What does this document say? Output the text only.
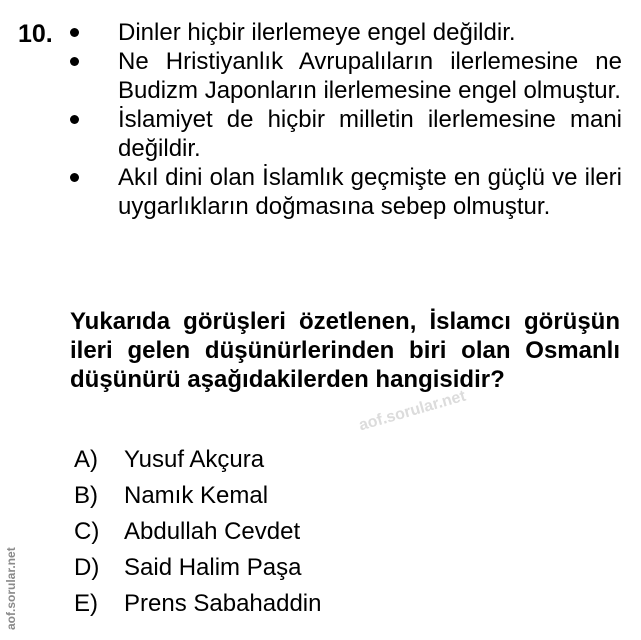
10.	Dinler hiçbir ilerlemeye engel değildir.
Ne Hristiyanlık Avrupalıların ilerlemesine ne Budizm Japonların ilerlemesine engel olmuştur.
İslamiyet de hiçbir milletin ilerlemesine mani değildir.
Akıl dini olan İslamlık geçmişte en güçlü ve ileri uygarlıkların doğmasına sebep olmuştur.
Yukarıda görüşleri özetlenen, İslamcı görüşün ileri gelen düşünürlerinden biri olan Osmanlı düşünürü aşağıdakilerden hangisidir?
A)	Yusuf Akçura
B)	Namık Kemal
C)	Abdullah Cevdet
D)	Said Halim Paşa
E)	Prens Sabahaddin
aof.sorular.net
aof.sorular.net
